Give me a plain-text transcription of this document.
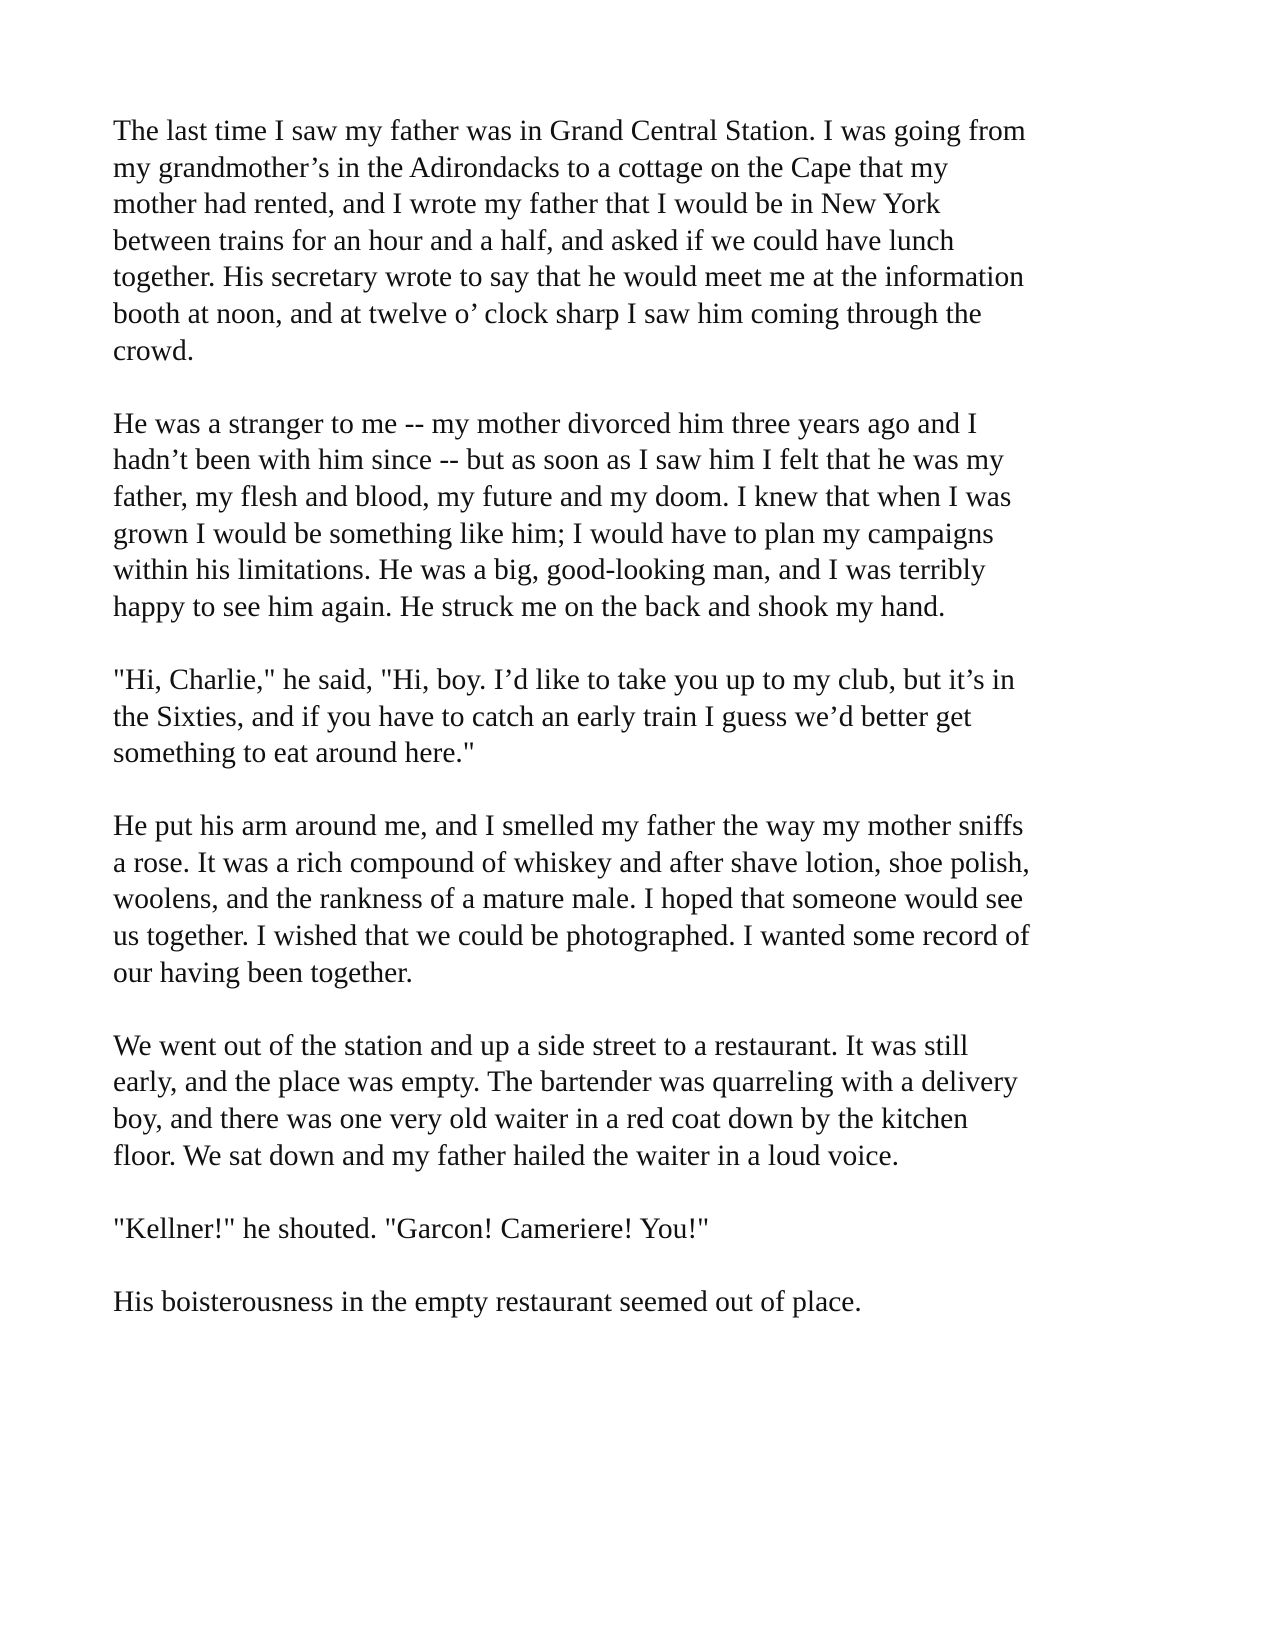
The last time I saw my father was in Grand Central Station. I was going from
my grandmother’s in the Adirondacks to a cottage on the Cape that my
mother had rented, and I wrote my father that I would be in New York
between trains for an hour and a half, and asked if we could have lunch
together. His secretary wrote to say that he would meet me at the information
booth at noon, and at twelve o’ clock sharp I saw him coming through the
crowd.

He was a stranger to me -- my mother divorced him three years ago and I
hadn’t been with him since -- but as soon as I saw him I felt that he was my
father, my flesh and blood, my future and my doom. I knew that when I was
grown I would be something like him; I would have to plan my campaigns
within his limitations. He was a big, good-looking man, and I was terribly
happy to see him again. He struck me on the back and shook my hand.

"Hi, Charlie," he said, "Hi, boy. I’d like to take you up to my club, but it’s in
the Sixties, and if you have to catch an early train I guess we’d better get
something to eat around here."

He put his arm around me, and I smelled my father the way my mother sniffs
a rose. It was a rich compound of whiskey and after shave lotion, shoe polish,
woolens, and the rankness of a mature male. I hoped that someone would see
us together. I wished that we could be photographed. I wanted some record of
our having been together.

We went out of the station and up a side street to a restaurant. It was still
early, and the place was empty. The bartender was quarreling with a delivery
boy, and there was one very old waiter in a red coat down by the kitchen
floor. We sat down and my father hailed the waiter in a loud voice.

"Kellner!" he shouted. "Garcon! Cameriere! You!"

His boisterousness in the empty restaurant seemed out of place.
